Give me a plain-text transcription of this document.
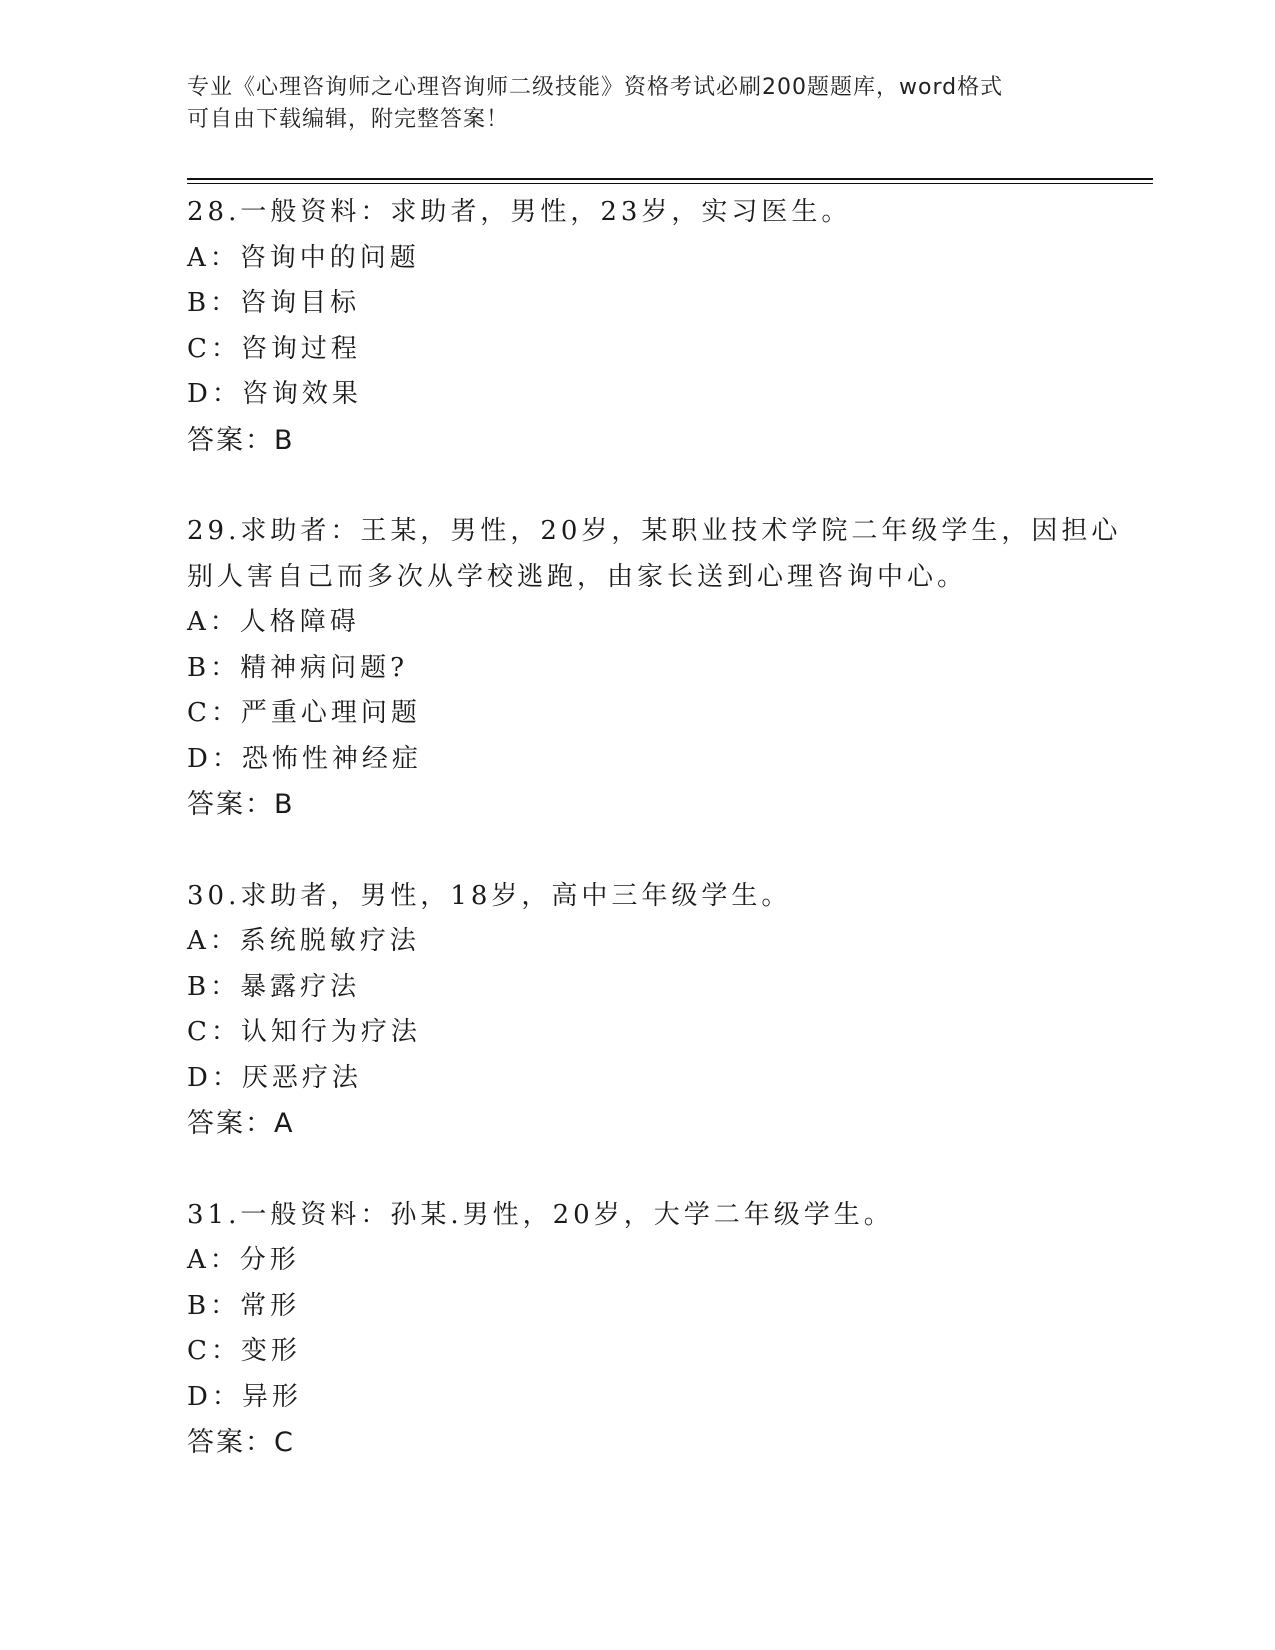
专业《心理咨询师之心理咨询师二级技能》资格考试必刷200题题库，word格式
可自由下载编辑，附完整答案！
28.一般资料：求助者，男性，23岁，实习医生。
A：咨询中的问题
B：咨询目标
C：咨询过程
D：咨询效果
答案：B
29.求助者：王某，男性，20岁，某职业技术学院二年级学生，因担心
别人害自己而多次从学校逃跑，由家长送到心理咨询中心。
A：人格障碍
B：精神病问题?
C：严重心理问题
D：恐怖性神经症
答案：B
30.求助者，男性，18岁，高中三年级学生。
A：系统脱敏疗法
B：暴露疗法
C：认知行为疗法
D：厌恶疗法
答案：A
31.一般资料：孙某.男性，20岁，大学二年级学生。
A：分形
B：常形
C：变形
D：异形
答案：C
